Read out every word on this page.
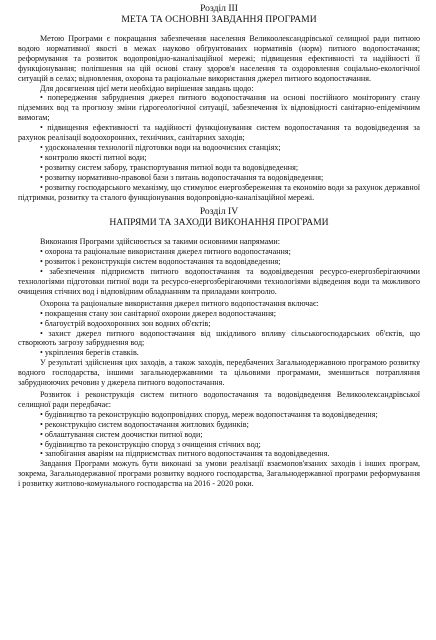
Розділ ІІІ

МЕТА ТА ОСНОВНІ ЗАВДАННЯ ПРОГРАМИ

Метою Програми є покращання забезпечення населення Великоолександрівської селищної ради питною водою нормативної якості в межах науково обґрунтованих нормативів (норм) питного водопостачання; реформування та розвиток водопровідно-каналізаційної мережі; підвищення ефективності та надійності її функціонування; поліпшення на цій основі стану здоров'я населення та оздоровлення соціально-екологічної ситуацій в селах; відновлення, охорона та раціональне використання джерел питного водопостачання.

Для досягнення цієї мети необхідно вирішення завдань щодо:

• попередження забруднення джерел питного водопостачання на основі постійного моніторингу стану підземних вод та прогнозу зміни гідрогеологічної ситуації, забезпечення їх відповідності санітарно-епідемічним вимогам;

• підвищення ефективності та надійності функціонування систем водопостачання та водовідведення за рахунок реалізації водоохоронних, технічних, санітарних заходів;

• удосконалення технології підготовки води на водоочисних станціях;

• контролю якості питної води;

• розвитку систем забору, транспортування питної води та водовідведення;

• розвитку нормативно-правової бази з питань водопостачання та водовідведення;

• розвитку господарського механізму, що стимулює енергозбереження та економію води за рахунок державної підтримки, розвитку та сталого функціонування водопровідно-каналізаційної мережі.

Розділ IV

НАПРЯМИ ТА ЗАХОДИ ВИКОНАННЯ ПРОГРАМИ

Виконання Програми здійснюється за такими основними напрямами:

• охорона та раціональне використання джерел питного водопостачання;

• розвиток і реконструкція систем водопостачання та водовідведення;

• забезпечення підприємств питного водопостачання та водовідведення ресурсо-енергозберігаючими технологіями підготовки питної води та ресурсо-енергозберігаючими технологіями відведення води та можливого очищення стічних вод і відповідним обладнанням та приладами контролю.

Охорона та раціональне використання джерел питного водопостачання включає:

• покращення стану зон санітарної охорони джерел водопостачання;

• благоустрій водоохоронних зон водних об'єктів;

• захист джерел питного водопостачання від шкідливого впливу сільськогосподарських об'єктів, що створюють загрозу забруднення вод;

• укріплення берегів ставків.

У результаті здійснення цих заходів, а також заходів, передбачених Загальнодержавною програмою розвитку водного господарства, іншими загальнодержавними та цільовими програмами, зменшиться потрапляння забруднюючих речовин у джерела питного водопостачання.

Розвиток і реконструкція систем питного водопостачання та водовідведення Великоолександрівської селищної ради передбачає:

• будівництво та реконструкцію водопровідних споруд, мереж водопостачання та водовідведення;

• реконструкцію систем водопостачання житлових будинків;

• облаштування систем доочистки питної води;

• будівництво та реконструкцію споруд з очищення стічних вод;

• запобігання аваріям на підприємствах питного водопостачання та водовідведення.

Завдання Програми можуть бути виконані за умови реалізації взаємопов'язаних заходів і інших програм, зокрема, Загальнодержавної програми розвитку водного господарства, Загальнодержавної програми реформування і розвитку житлово-комунального господарства на 2016 - 2020 роки.
